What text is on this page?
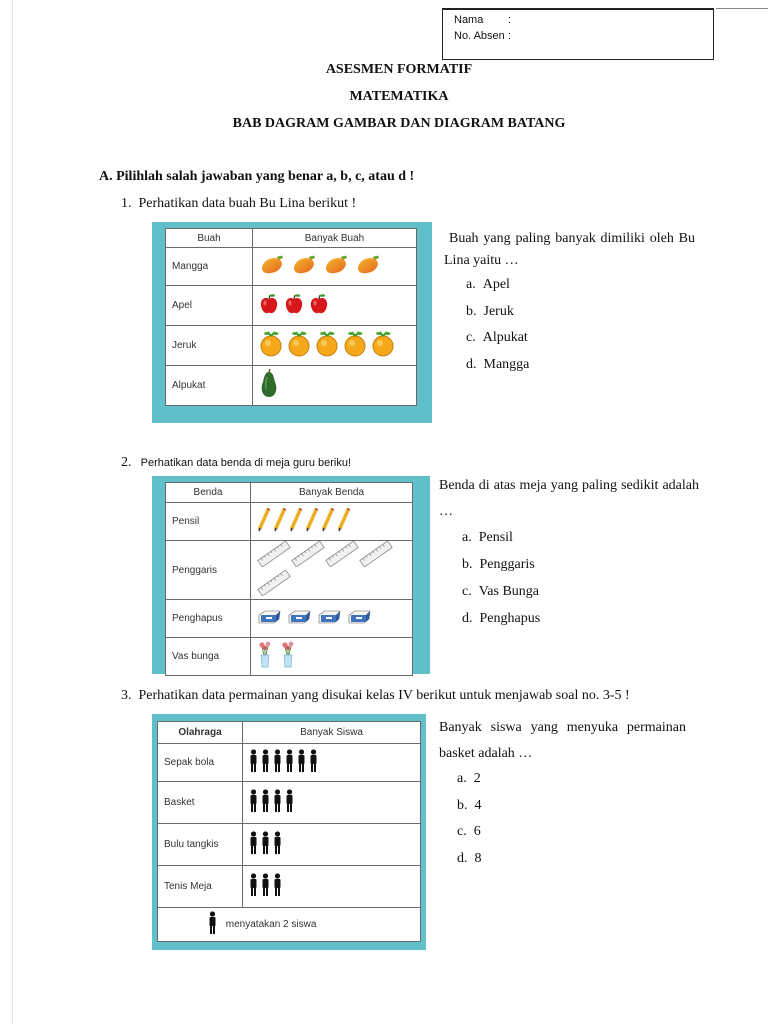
Nama :
No. Absen :
ASESMEN FORMATIF
MATEMATIKA
BAB DAGRAM GAMBAR DAN DIAGRAM BATANG
A. Pilihlah salah jawaban yang benar a, b, c, atau d !
1. Perhatikan data buah Bu Lina berikut !
Buah	Banyak Buah
Mangga	
Apel	
Jeruk	
Alpukat	
Buah yang paling banyak dimiliki oleh Bu Lina yaitu …
a. Apel
b. Jeruk
c. Alpukat
d. Mangga
2. Perhatikan data benda di meja guru beriku!
Benda	Banyak Benda
Pensil	
Penggaris	
Penghapus	
Vas bunga	
Benda di atas meja yang paling sedikit adalah …
a. Pensil
b. Penggaris
c. Vas Bunga
d. Penghapus
3. Perhatikan data permainan yang disukai kelas IV berikut untuk menjawab soal no. 3-5 !
Olahraga	Banyak Siswa
Sepak bola	
Basket	
Bulu tangkis	
Tenis Meja	
menyatakan 2 siswa	
Banyak siswa yang menyuka permainan basket adalah …
a. 2
b. 4
c. 6
d. 8
